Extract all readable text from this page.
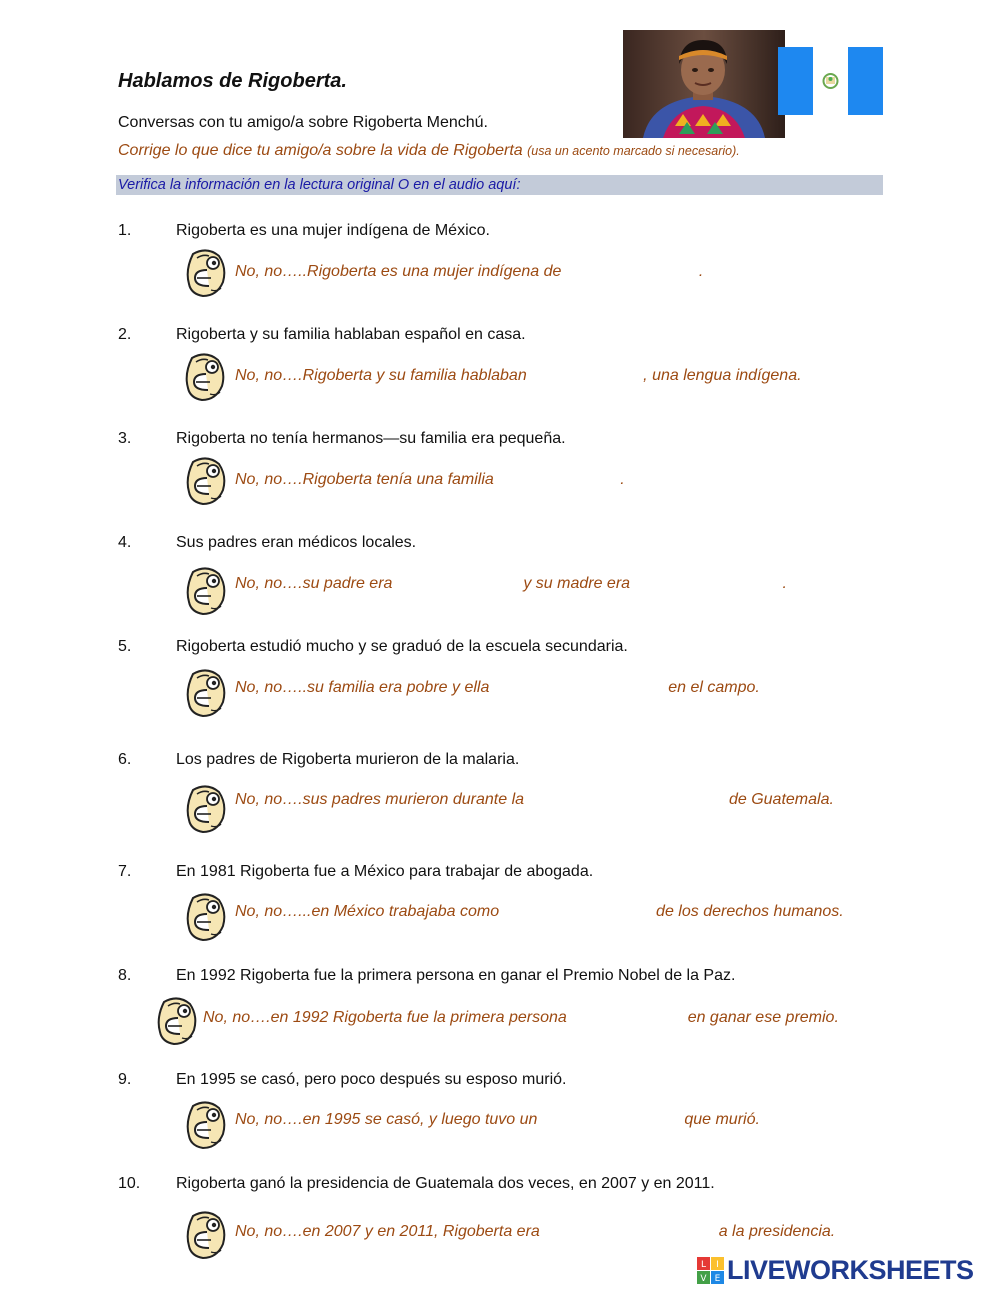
Hablamos de Rigoberta.
Conversas con tu amigo/a sobre Rigoberta Menchú.
Corrige lo que dice tu amigo/a sobre la vida de Rigoberta (usa un acento marcado si necesario).
Verifica la información en la lectura original O en el audio aquí:
1.	Rigoberta es una mujer indígena de México.
No, no…..Rigoberta es una mujer indígena de	.
2.	Rigoberta y su familia hablaban español en casa.
No, no….Rigoberta y su familia hablaban	, una lengua indígena.
3.	Rigoberta no tenía hermanos—su familia era pequeña.
No, no….Rigoberta tenía una familia	.
4.	Sus padres eran médicos locales.
No, no….su padre era	y su madre era	.
5.	Rigoberta estudió mucho y se graduó de la escuela secundaria.
No, no…..su familia era pobre y ella	en el campo.
6.	Los padres de Rigoberta murieron de la malaria.
No, no….sus padres murieron durante la	de Guatemala.
7.	En 1981 Rigoberta fue a México para trabajar de abogada.
No, no…...en México trabajaba como	de los derechos humanos.
8.	En 1992 Rigoberta fue la primera persona en ganar el Premio Nobel de la Paz.
No, no….en 1992 Rigoberta fue la primera persona	en ganar ese premio.
9.	En 1995 se casó, pero poco después su esposo murió.
No, no….en 1995 se casó, y luego tuvo un	que murió.
10. Rigoberta ganó la presidencia de Guatemala dos veces, en 2007 y en 2011.
No, no….en 2007 y en 2011, Rigoberta era	a la presidencia.
L I
V E LIVEWORKSHEETS
